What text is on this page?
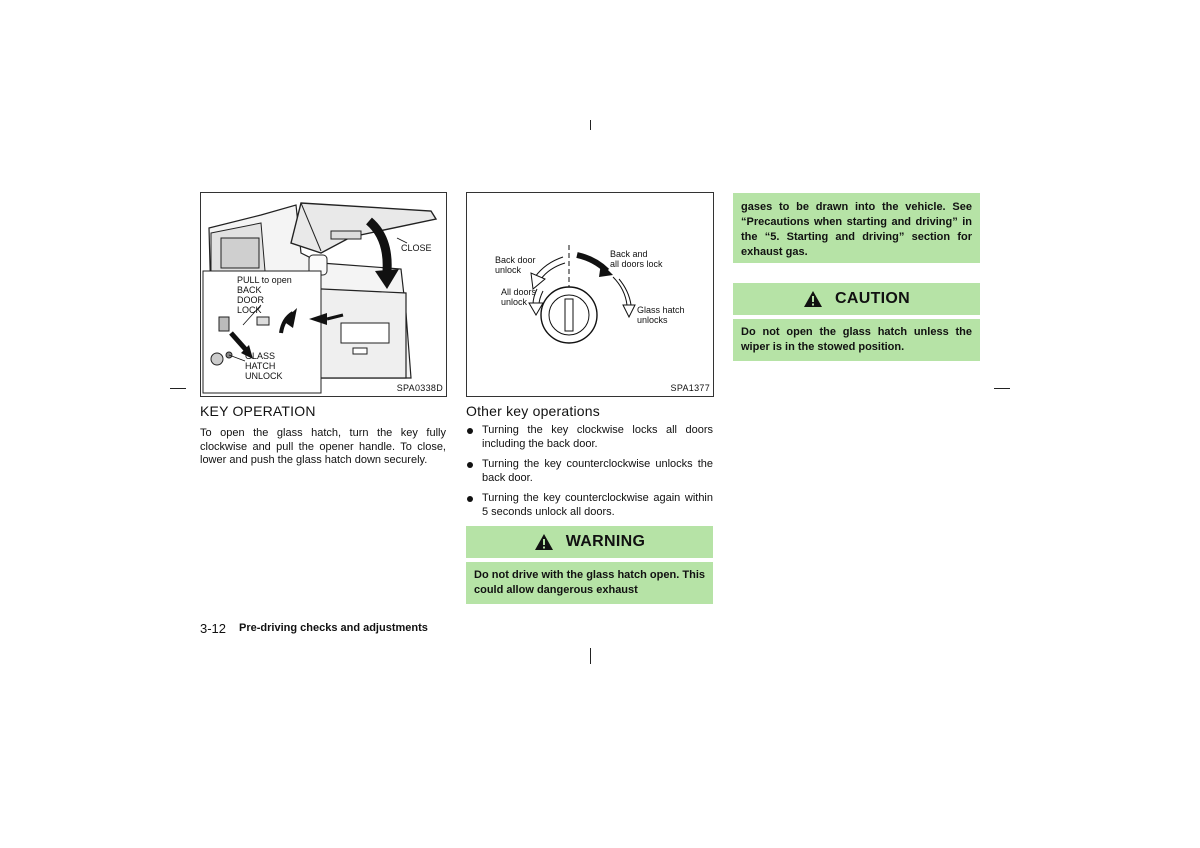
CLOSE
PULL to open
BACK
DOOR
LOCK
GLASS
HATCH
UNLOCK
SPA0338D
Back door
unlock
All doors
unlock
Back and
all doors lock
Glass hatch
unlocks
SPA1377
KEY OPERATION
To open the glass hatch, turn the key fully clockwise and pull the opener handle. To close, lower and push the glass hatch down securely.
Other key operations
Turning the key clockwise locks all doors including the back door.
Turning the key counterclockwise unlocks the back door.
Turning the key counterclockwise again within 5 seconds unlock all doors.
WARNING
Do not drive with the glass hatch open. This could allow dangerous exhaust
gases to be drawn into the vehicle. See “Precautions when starting and driving” in the “5. Starting and driving” section for exhaust gas.
CAUTION
Do not open the glass hatch unless the wiper is in the stowed position.
3-12 Pre-driving checks and adjustments
